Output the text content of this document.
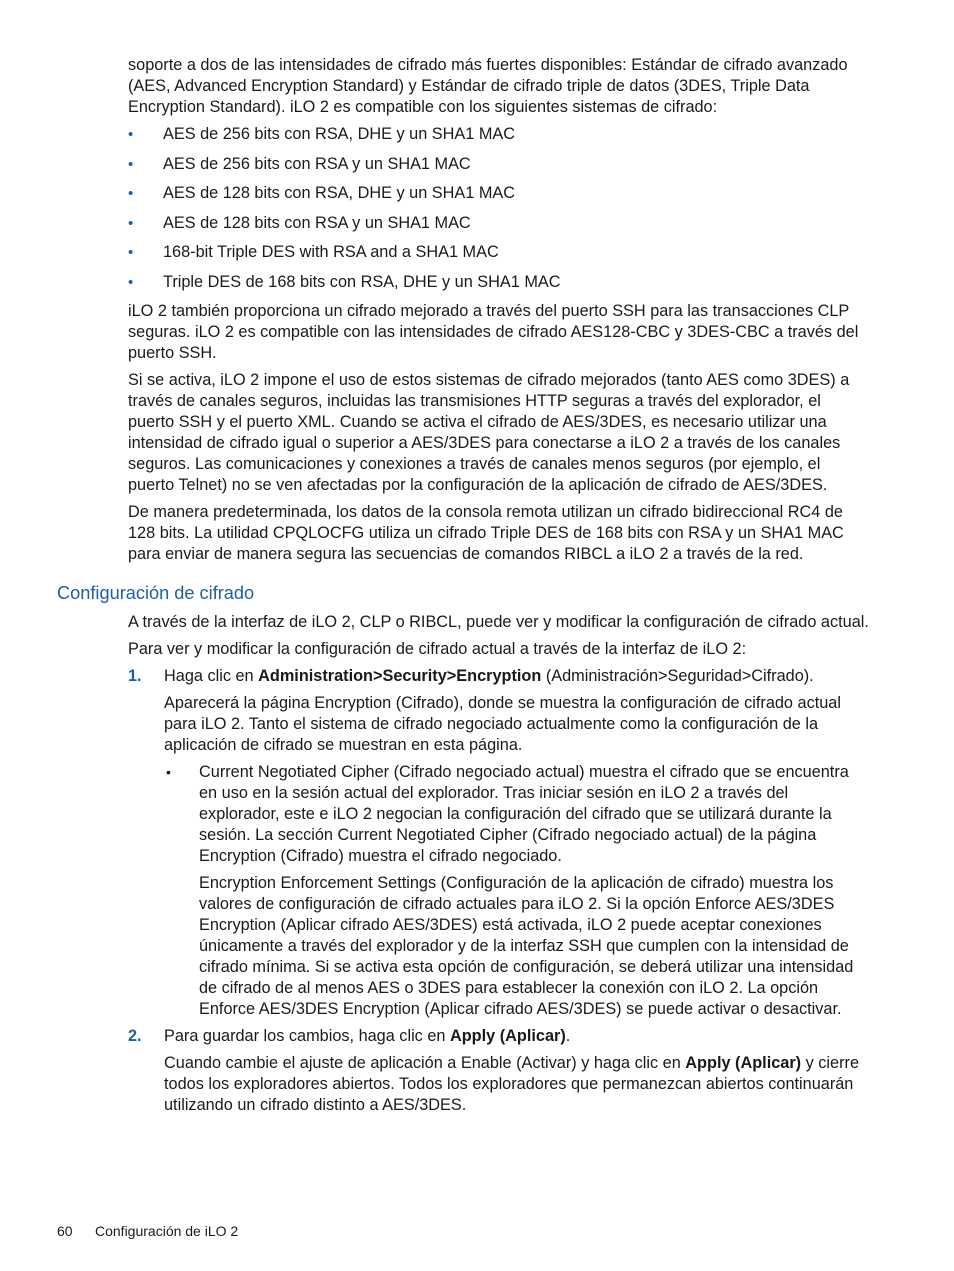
soporte a dos de las intensidades de cifrado más fuertes disponibles: Estándar de cifrado avanzado (AES, Advanced Encryption Standard) y Estándar de cifrado triple de datos (3DES, Triple Data Encryption Standard). iLO 2 es compatible con los siguientes sistemas de cifrado:

• AES de 256 bits con RSA, DHE y un SHA1 MAC
• AES de 256 bits con RSA y un SHA1 MAC
• AES de 128 bits con RSA, DHE y un SHA1 MAC
• AES de 128 bits con RSA y un SHA1 MAC
• 168-bit Triple DES with RSA and a SHA1 MAC
• Triple DES de 168 bits con RSA, DHE y un SHA1 MAC

iLO 2 también proporciona un cifrado mejorado a través del puerto SSH para las transacciones CLP seguras. iLO 2 es compatible con las intensidades de cifrado AES128-CBC y 3DES-CBC a través del puerto SSH.

Si se activa, iLO 2 impone el uso de estos sistemas de cifrado mejorados (tanto AES como 3DES) a través de canales seguros, incluidas las transmisiones HTTP seguras a través del explorador, el puerto SSH y el puerto XML. Cuando se activa el cifrado de AES/3DES, es necesario utilizar una intensidad de cifrado igual o superior a AES/3DES para conectarse a iLO 2 a través de los canales seguros. Las comunicaciones y conexiones a través de canales menos seguros (por ejemplo, el puerto Telnet) no se ven afectadas por la configuración de la aplicación de cifrado de AES/3DES.

De manera predeterminada, los datos de la consola remota utilizan un cifrado bidireccional RC4 de 128 bits. La utilidad CPQLOCFG utiliza un cifrado Triple DES de 168 bits con RSA y un SHA1 MAC para enviar de manera segura las secuencias de comandos RIBCL a iLO 2 a través de la red.

Configuración de cifrado

A través de la interfaz de iLO 2, CLP o RIBCL, puede ver y modificar la configuración de cifrado actual.

Para ver y modificar la configuración de cifrado actual a través de la interfaz de iLO 2:

1. Haga clic en Administration>Security>Encryption (Administración>Seguridad>Cifrado).

Aparecerá la página Encryption (Cifrado), donde se muestra la configuración de cifrado actual para iLO 2. Tanto el sistema de cifrado negociado actualmente como la configuración de la aplicación de cifrado se muestran en esta página.

• Current Negotiated Cipher (Cifrado negociado actual) muestra el cifrado que se encuentra en uso en la sesión actual del explorador. Tras iniciar sesión en iLO 2 a través del explorador, este e iLO 2 negocian la configuración del cifrado que se utilizará durante la sesión. La sección Current Negotiated Cipher (Cifrado negociado actual) de la página Encryption (Cifrado) muestra el cifrado negociado.

Encryption Enforcement Settings (Configuración de la aplicación de cifrado) muestra los valores de configuración de cifrado actuales para iLO 2. Si la opción Enforce AES/3DES Encryption (Aplicar cifrado AES/3DES) está activada, iLO 2 puede aceptar conexiones únicamente a través del explorador y de la interfaz SSH que cumplen con la intensidad de cifrado mínima. Si se activa esta opción de configuración, se deberá utilizar una intensidad de cifrado de al menos AES o 3DES para establecer la conexión con iLO 2. La opción Enforce AES/3DES Encryption (Aplicar cifrado AES/3DES) se puede activar o desactivar.

2. Para guardar los cambios, haga clic en Apply (Aplicar).

Cuando cambie el ajuste de aplicación a Enable (Activar) y haga clic en Apply (Aplicar) y cierre todos los exploradores abiertos. Todos los exploradores que permanezcan abiertos continuarán utilizando un cifrado distinto a AES/3DES.

60 Configuración de iLO 2
